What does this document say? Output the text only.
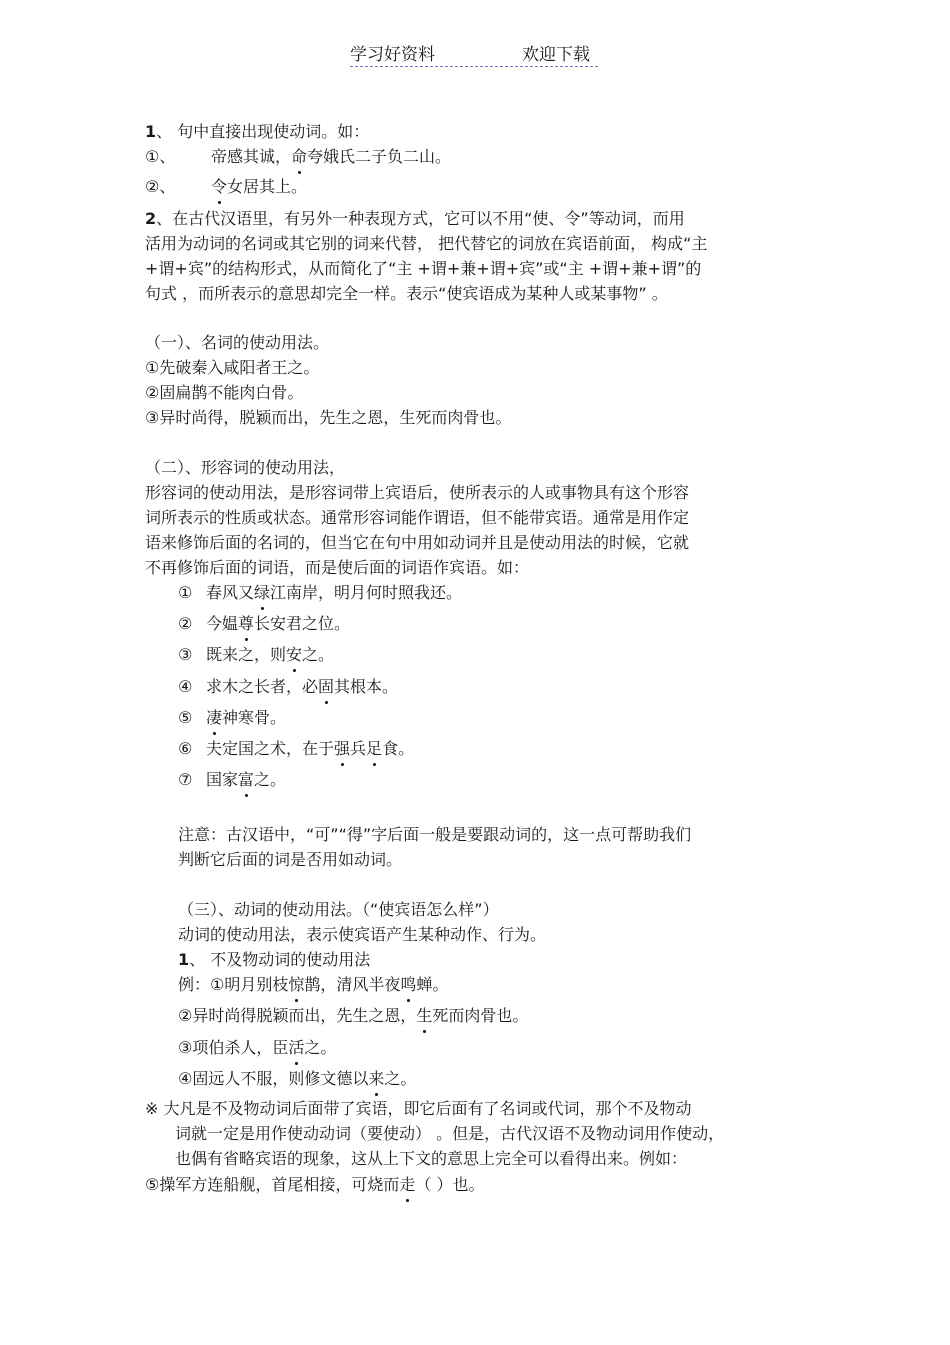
学习好资料	欢迎下载
1、 句中直接出现使动词。如：
①、 帝感其诚，命夸娥氏二子负二山。
②、 令女居其上。
2、在古代汉语里，有另外一种表现方式，它可以不用“使、令”等动词，而用
活用为动词的名词或其它别的词来代替， 把代替它的词放在宾语前面， 构成“主
+谓+宾”的结构形式，从而简化了“主 +谓+兼+谓+宾”或“主 +谓+兼+谓”的
句式 ，而所表示的意思却完全一样。表示“使宾语成为某种人或某事物” 。
（一）、名词的使动用法。
①先破秦入咸阳者王之。
②固扁鹊不能肉白骨。
③异时尚得，脱颖而出，先生之恩，生死而肉骨也。
（二）、形容词的使动用法，
形容词的使动用法，是形容词带上宾语后，使所表示的人或事物具有这个形容
词所表示的性质或状态。通常形容词能作谓语，但不能带宾语。通常是用作定
语来修饰后面的名词的，但当它在句中用如动词并且是使动用法的时候，它就
不再修饰后面的词语，而是使后面的词语作宾语。如：
① 春风又绿江南岸，明月何时照我还。
② 今媪尊长安君之位。
③ 既来之，则安之。
④ 求木之长者，必固其根本。
⑤ 凄神寒骨。
⑥ 夫定国之术，在于强兵足食。
⑦ 国家富之。
注意：古汉语中，“可”“得”字后面一般是要跟动词的，这一点可帮助我们
判断它后面的词是否用如动词。
（三）、动词的使动用法。（“使宾语怎么样”）
动词的使动用法，表示使宾语产生某种动作、行为。
1、 不及物动词的使动用法
例：①明月别枝惊鹊，清风半夜鸣蝉。
②异时尚得脱颖而出，先生之恩，生死而肉骨也。
③项伯杀人，臣活之。
④固远人不服，则修文德以来之。
※ 大凡是不及物动词后面带了宾语，即它后面有了名词或代词，那个不及物动
词就一定是用作使动动词（要使动） 。但是，古代汉语不及物动词用作使动，
也偶有省略宾语的现象，这从上下文的意思上完全可以看得出来。例如：
⑤操军方连船舰，首尾相接，可烧而走（ ）也。
